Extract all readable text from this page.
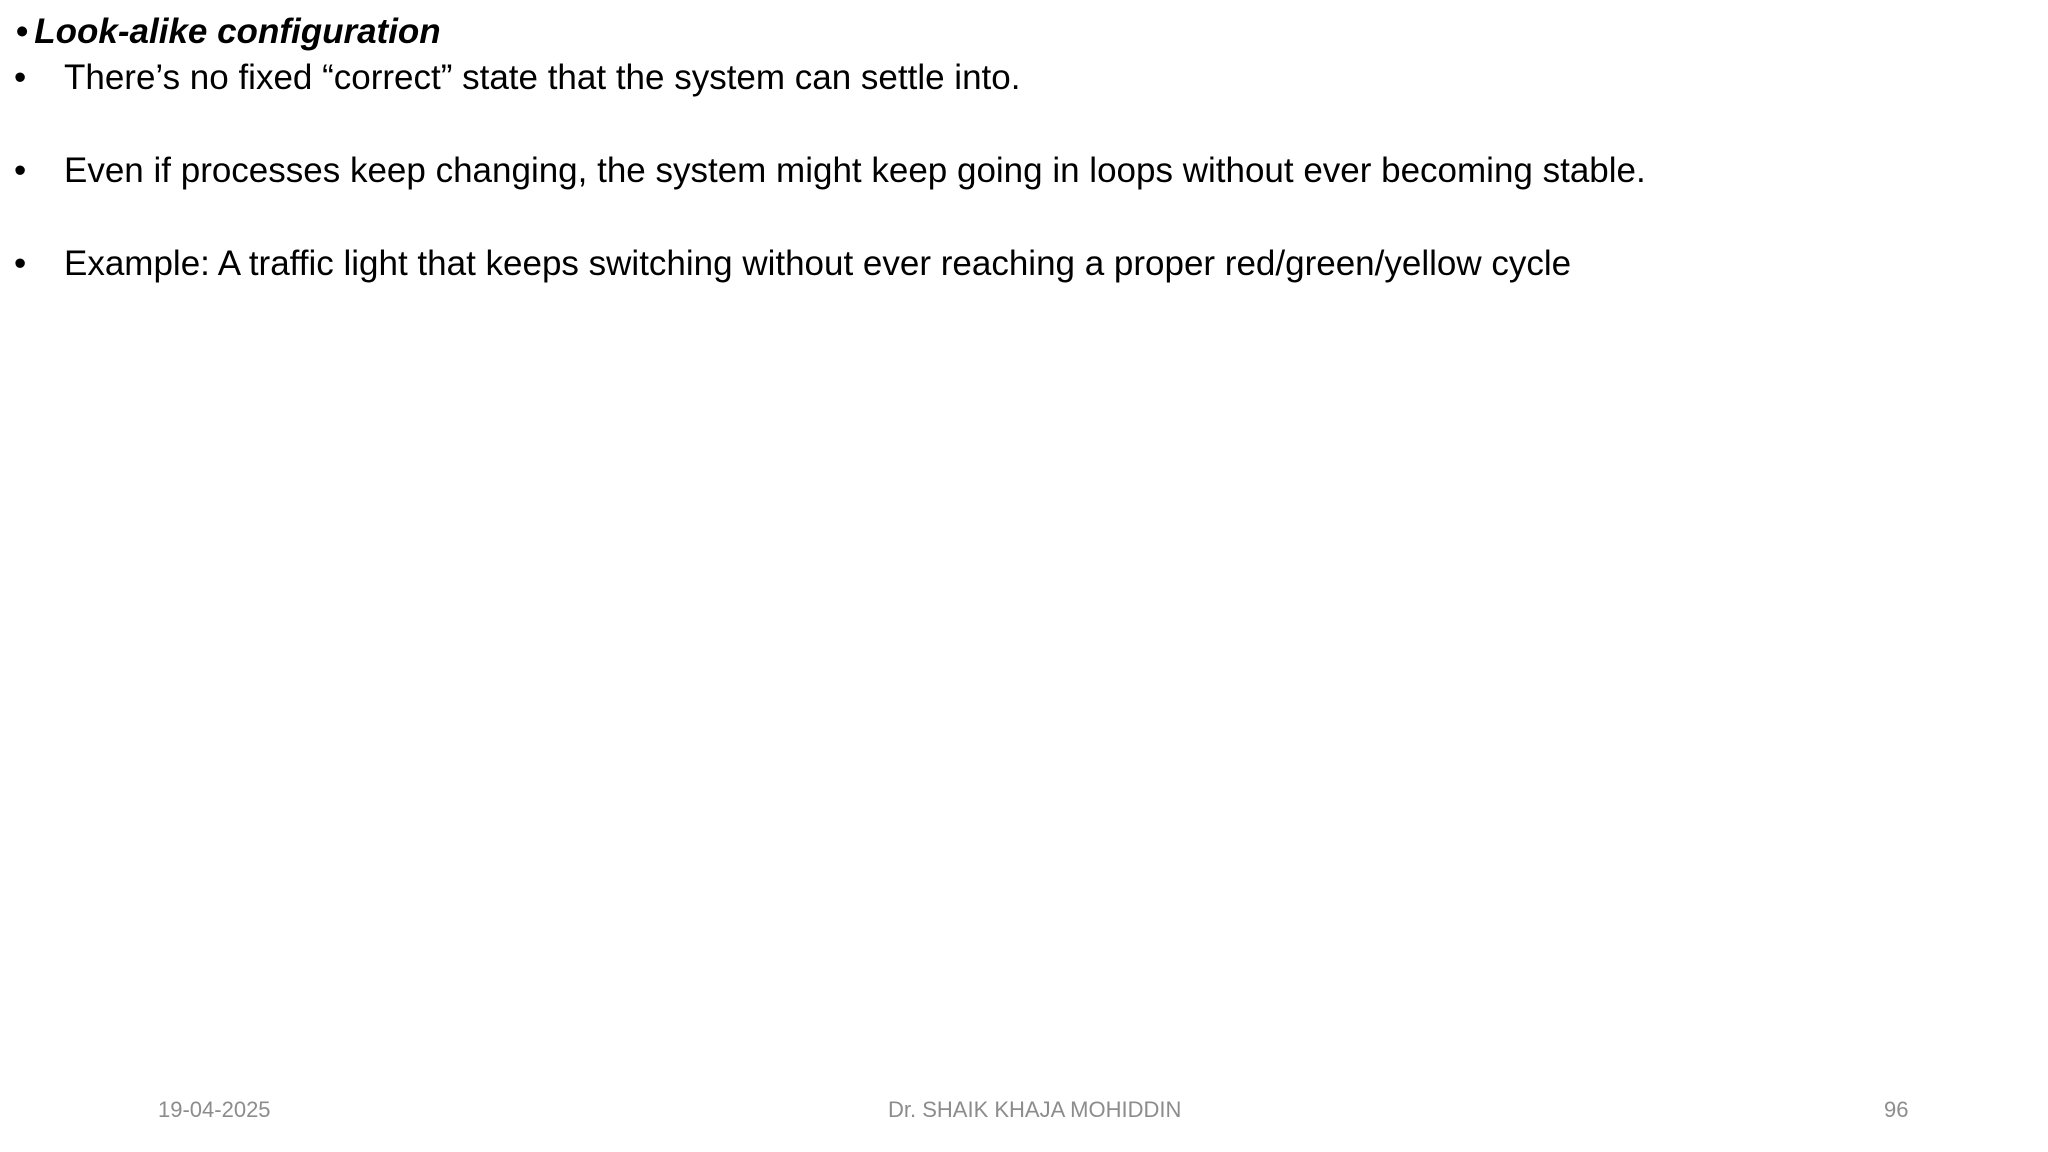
• Look-alike configuration
• There’s no fixed “correct” state that the system can settle into.
• Even if processes keep changing, the system might keep going in loops without ever becoming stable.
• Example: A traffic light that keeps switching without ever reaching a proper red/green/yellow cycle
19-04-2025	Dr. SHAIK KHAJA MOHIDDIN	96
